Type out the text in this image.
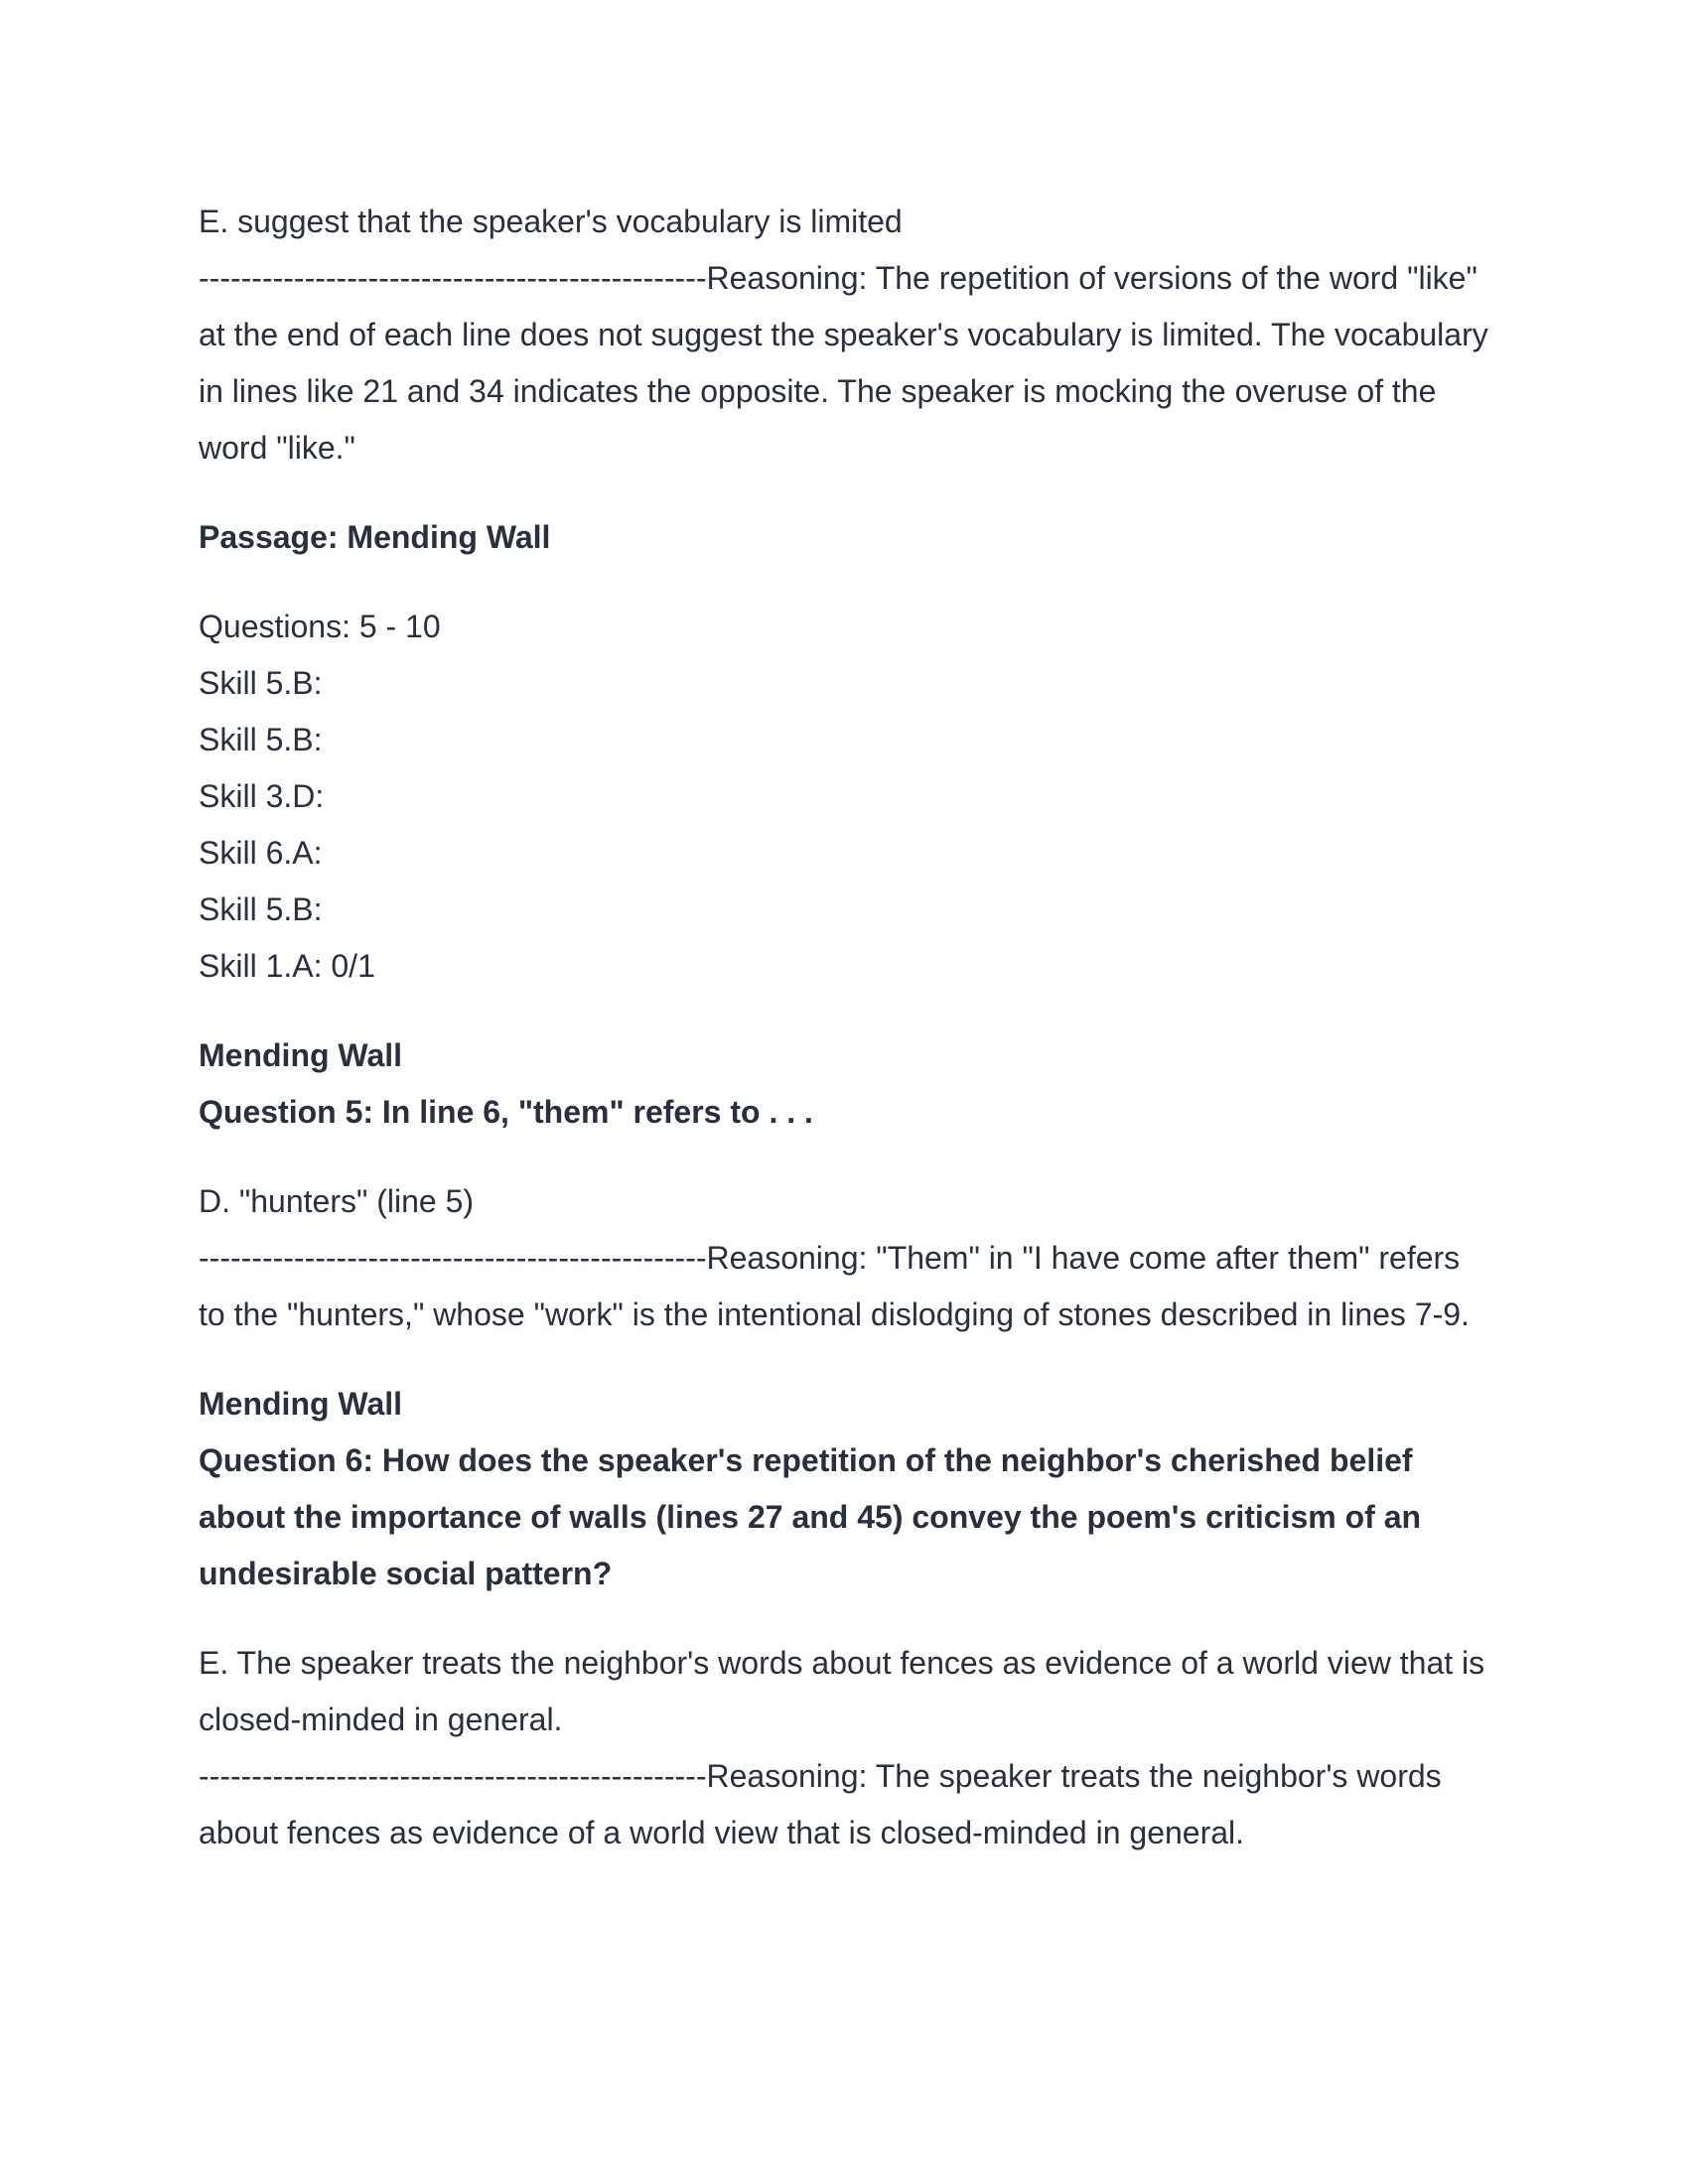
E. suggest that the speaker's vocabulary is limited

------------------------------------------------Reasoning: The repetition of versions of the word "like" at the end of each line does not suggest the speaker's vocabulary is limited. The vocabulary in lines like 21 and 34 indicates the opposite. The speaker is mocking the overuse of the word "like."

Passage: Mending Wall

Questions: 5 - 10

Skill 5.B:

Skill 5.B:

Skill 3.D:

Skill 6.A:

Skill 5.B:

Skill 1.A: 0/1

Mending Wall

Question 5: In line 6, "them" refers to . . .

D. "hunters" (line 5)

------------------------------------------------Reasoning: "Them" in "I have come after them" refers to the "hunters," whose "work" is the intentional dislodging of stones described in lines 7-9.

Mending Wall

Question 6: How does the speaker's repetition of the neighbor's cherished belief about the importance of walls (lines 27 and 45) convey the poem's criticism of an undesirable social pattern?

E. The speaker treats the neighbor's words about fences as evidence of a world view that is closed-minded in general.

------------------------------------------------Reasoning: The speaker treats the neighbor's words about fences as evidence of a world view that is closed-minded in general.
